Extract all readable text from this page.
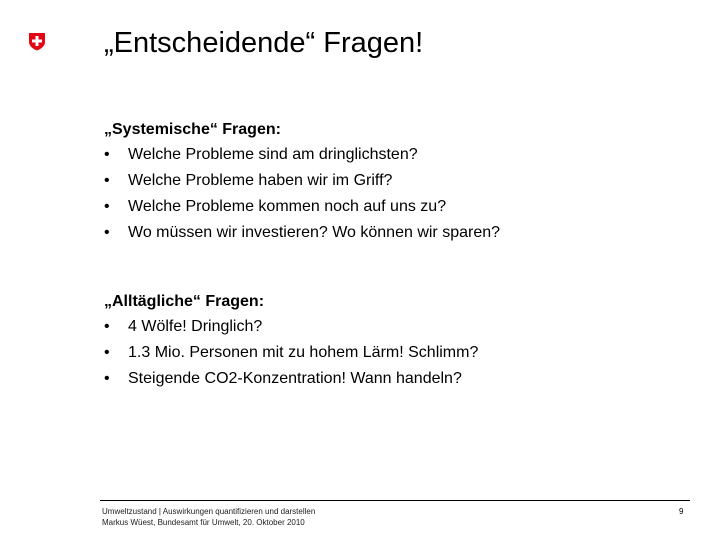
„Entscheidende“ Fragen!
„Systemische“ Fragen:
• Welche Probleme sind am dringlichsten?
• Welche Probleme haben wir im Griff?
• Welche Probleme kommen noch auf uns zu?
• Wo müssen wir investieren? Wo können wir sparen?
„Alltägliche“ Fragen:
• 4 Wölfe! Dringlich?
• 1.3 Mio. Personen mit zu hohem Lärm! Schlimm?
• Steigende CO2-Konzentration! Wann handeln?
Umweltzustand | Auswirkungen quantifizieren und darstellen
Markus Wüest, Bundesamt für Umwelt, 20. Oktober 2010
9
